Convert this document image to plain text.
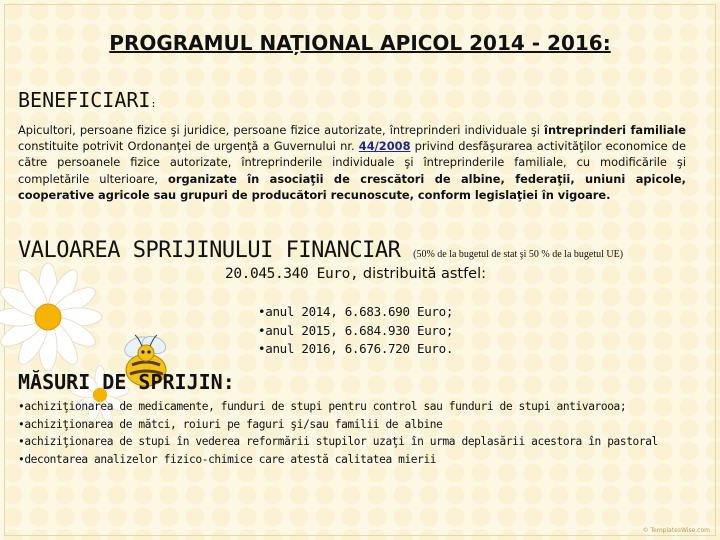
PROGRAMUL NAȚIONAL APICOL 2014 - 2016:
BENEFICIARI:
Apicultori, persoane fizice şi juridice, persoane fizice autorizate, întreprinderi individuale şi întreprinderi familiale constituite potrivit Ordonanţei de urgenţă a Guvernului nr. 44/2008 privind desfăşurarea activităţilor economice de către persoanele fizice autorizate, întreprinderile individuale şi întreprinderile familiale, cu modificările şi completările ulterioare, organizate în asociaţii de crescători de albine, federaţii, uniuni apicole, cooperative agricole sau grupuri de producători recunoscute, conform legislaţiei în vigoare.
VALOAREA SPRIJINULUI FINANCIAR (50% de la bugetul de stat şi 50 % de la bugetul UE)
20.045.340 Euro, distribuită astfel:
•anul 2014, 6.683.690 Euro;
•anul 2015, 6.684.930 Euro;
•anul 2016, 6.676.720 Euro.
MĂSURI DE SPRIJIN:
•achiziţionarea de medicamente, funduri de stupi pentru control sau funduri de stupi antivarooa;
•achiziţionarea de mătci, roiuri pe faguri şi/sau familii de albine
•achiziţionarea de stupi în vederea reformării stupilor uzaţi în urma deplasării acestora în pastoral
•decontarea analizelor fizico-chimice care atestă calitatea mierii
© TemplatesWise.com
